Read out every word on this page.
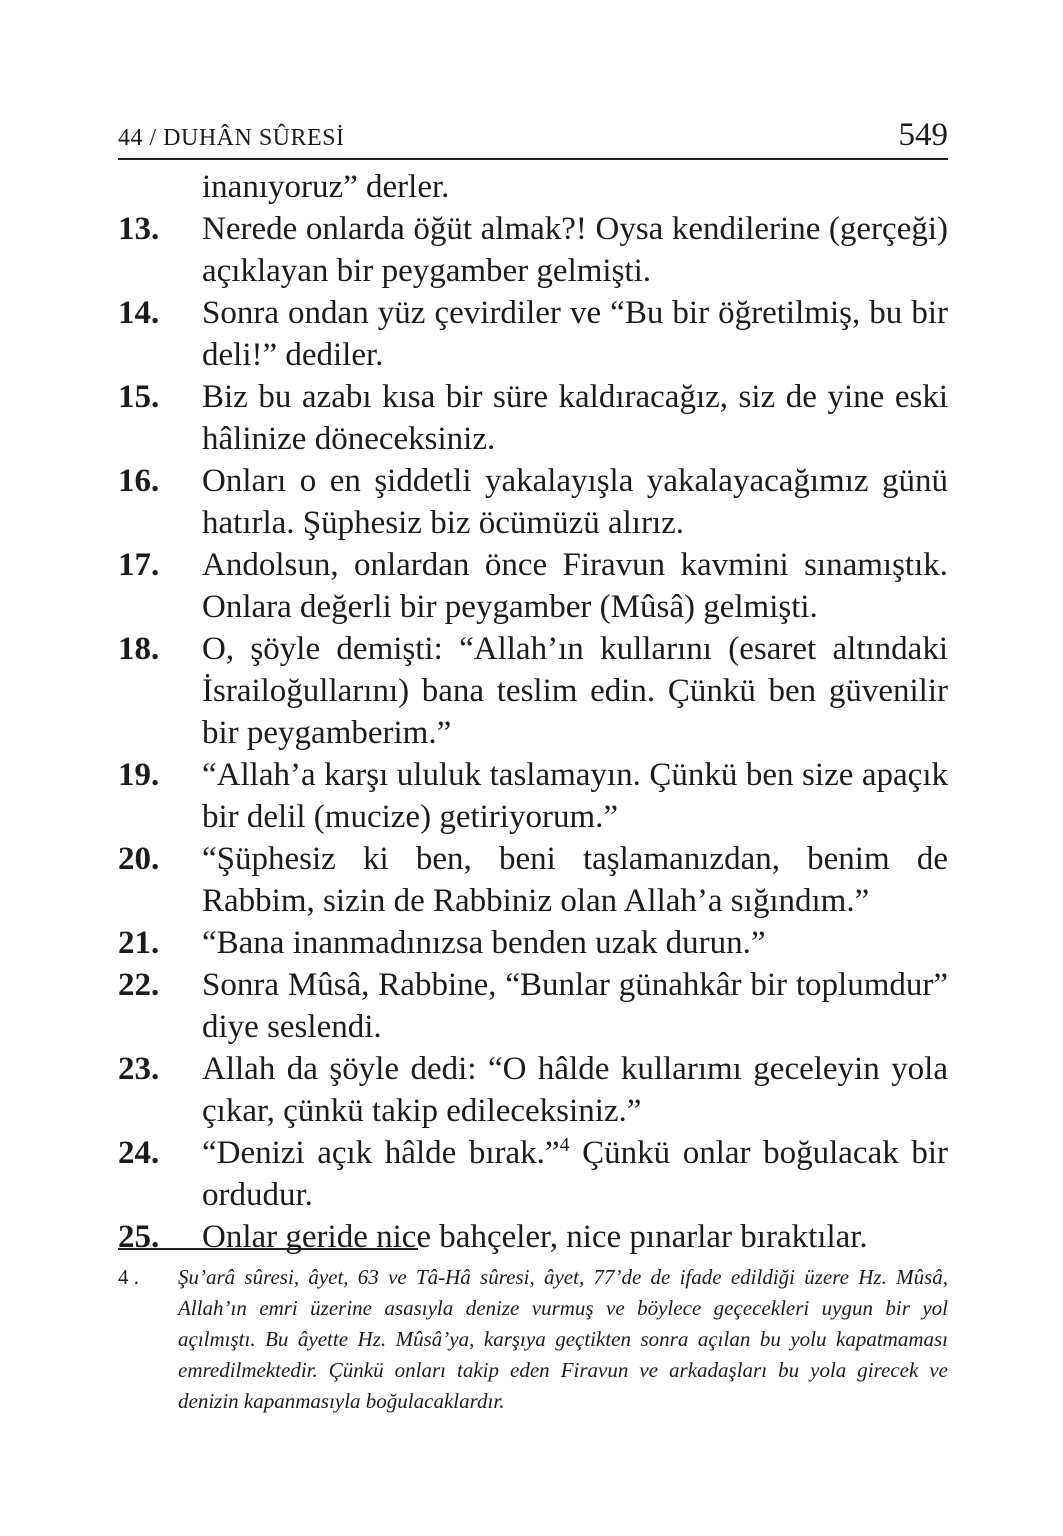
44 / DUHÂN SÛRESİ	549
inanıyoruz” derler.
13.	Nerede onlarda öğüt almak?! Oysa kendilerine (gerçeği) açıklayan bir peygamber gelmişti.
14.	Sonra ondan yüz çevirdiler ve “Bu bir öğretilmiş, bu bir deli!” dediler.
15.	Biz bu azabı kısa bir süre kaldıracağız, siz de yine eski hâlinize döneceksiniz.
16.	Onları o en şiddetli yakalayışla yakalayacağımız günü hatırla. Şüphesiz biz öcümüzü alırız.
17.	Andolsun, onlardan önce Firavun kavmini sınamıştık. Onlara değerli bir peygamber (Mûsâ) gelmişti.
18.	O, şöyle demişti: “Allah’ın kullarını (esaret altındaki İsrailoğullarını) bana teslim edin. Çünkü ben güvenilir bir peygamberim.”
19.	“Allah’a karşı ululuk taslamayın. Çünkü ben size apaçık bir delil (mucize) getiriyorum.”
20.	“Şüphesiz ki ben, beni taşlamanızdan, benim de Rabbim, sizin de Rabbiniz olan Allah’a sığındım.”
21.	“Bana inanmadınızsa benden uzak durun.”
22.	Sonra Mûsâ, Rabbine, “Bunlar günahkâr bir toplumdur” diye seslendi.
23.	Allah da şöyle dedi: “O hâlde kullarımı geceleyin yola çıkar, çünkü takip edileceksiniz.”
24.	“Denizi açık hâlde bırak.”$^4$ Çünkü onlar boğulacak bir ordudur.
25.	Onlar geride nice bahçeler, nice pınarlar bıraktılar.
4 . Şu’arâ sûresi, âyet, 63 ve Tâ-Hâ sûresi, âyet, 77’de de ifade edildiği üzere Hz. Mûsâ, Allah’ın emri üzerine asasıyla denize vurmuş ve böylece geçecekleri uygun bir yol açılmıştı. Bu âyette Hz. Mûsâ’ya, karşıya geçtikten sonra açılan bu yolu kapatmaması emredilmektedir. Çünkü onları takip eden Firavun ve arkadaşları bu yola girecek ve denizin kapanmasıyla boğulacaklardır.
